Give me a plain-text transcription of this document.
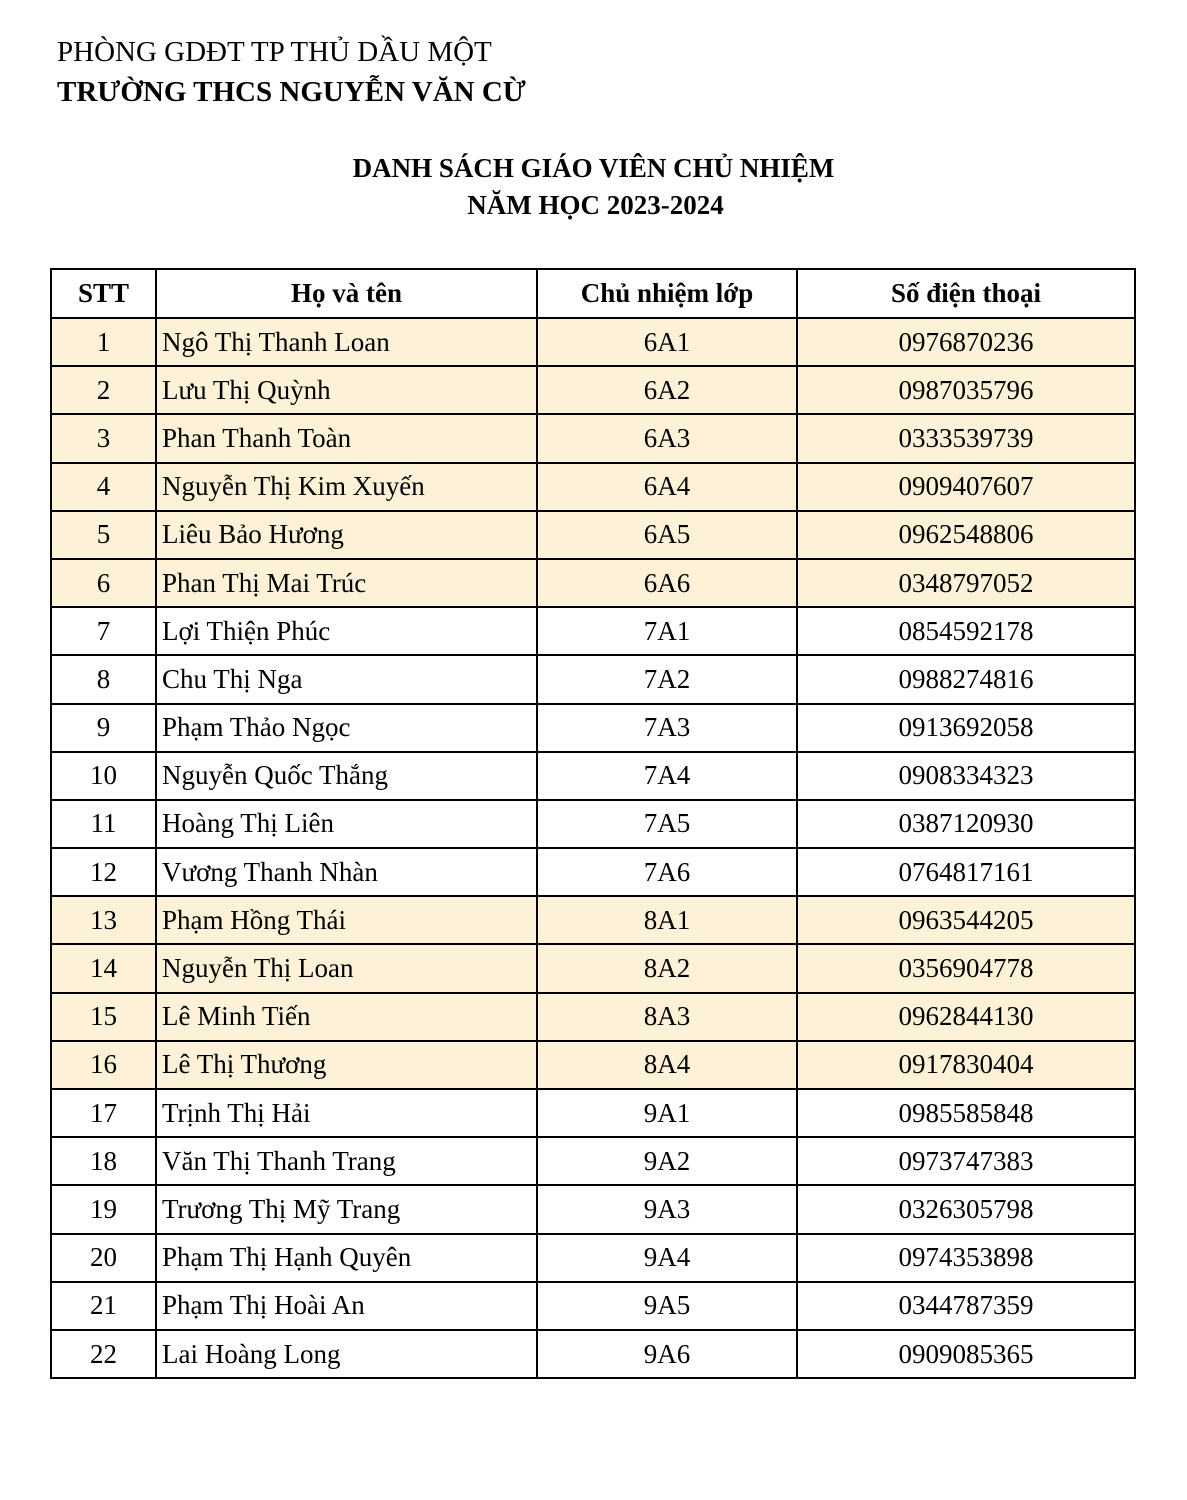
PHÒNG GDĐT TP THỦ DẦU MỘT
TRƯỜNG THCS NGUYỄN VĂN CỪ
DANH SÁCH GIÁO VIÊN CHỦ NHIỆM
NĂM HỌC 2023-2024
STT	Họ và tên	Chủ nhiệm lớp	Số điện thoại
1	Ngô Thị Thanh Loan	6A1	0976870236
2	Lưu Thị Quỳnh	6A2	0987035796
3	Phan Thanh Toàn	6A3	0333539739
4	Nguyễn Thị Kim Xuyến	6A4	0909407607
5	Liêu Bảo Hương	6A5	0962548806
6	Phan Thị Mai Trúc	6A6	0348797052
7	Lợi Thiện Phúc	7A1	0854592178
8	Chu Thị Nga	7A2	0988274816
9	Phạm Thảo Ngọc	7A3	0913692058
10	Nguyễn Quốc Thắng	7A4	0908334323
11	Hoàng Thị Liên	7A5	0387120930
12	Vương Thanh Nhàn	7A6	0764817161
13	Phạm Hồng Thái	8A1	0963544205
14	Nguyễn Thị Loan	8A2	0356904778
15	Lê Minh Tiến	8A3	0962844130
16	Lê Thị Thương	8A4	0917830404
17	Trịnh Thị Hải	9A1	0985585848
18	Văn Thị Thanh Trang	9A2	0973747383
19	Trương Thị Mỹ Trang	9A3	0326305798
20	Phạm Thị Hạnh Quyên	9A4	0974353898
21	Phạm Thị Hoài An	9A5	0344787359
22	Lai Hoàng Long	9A6	0909085365
